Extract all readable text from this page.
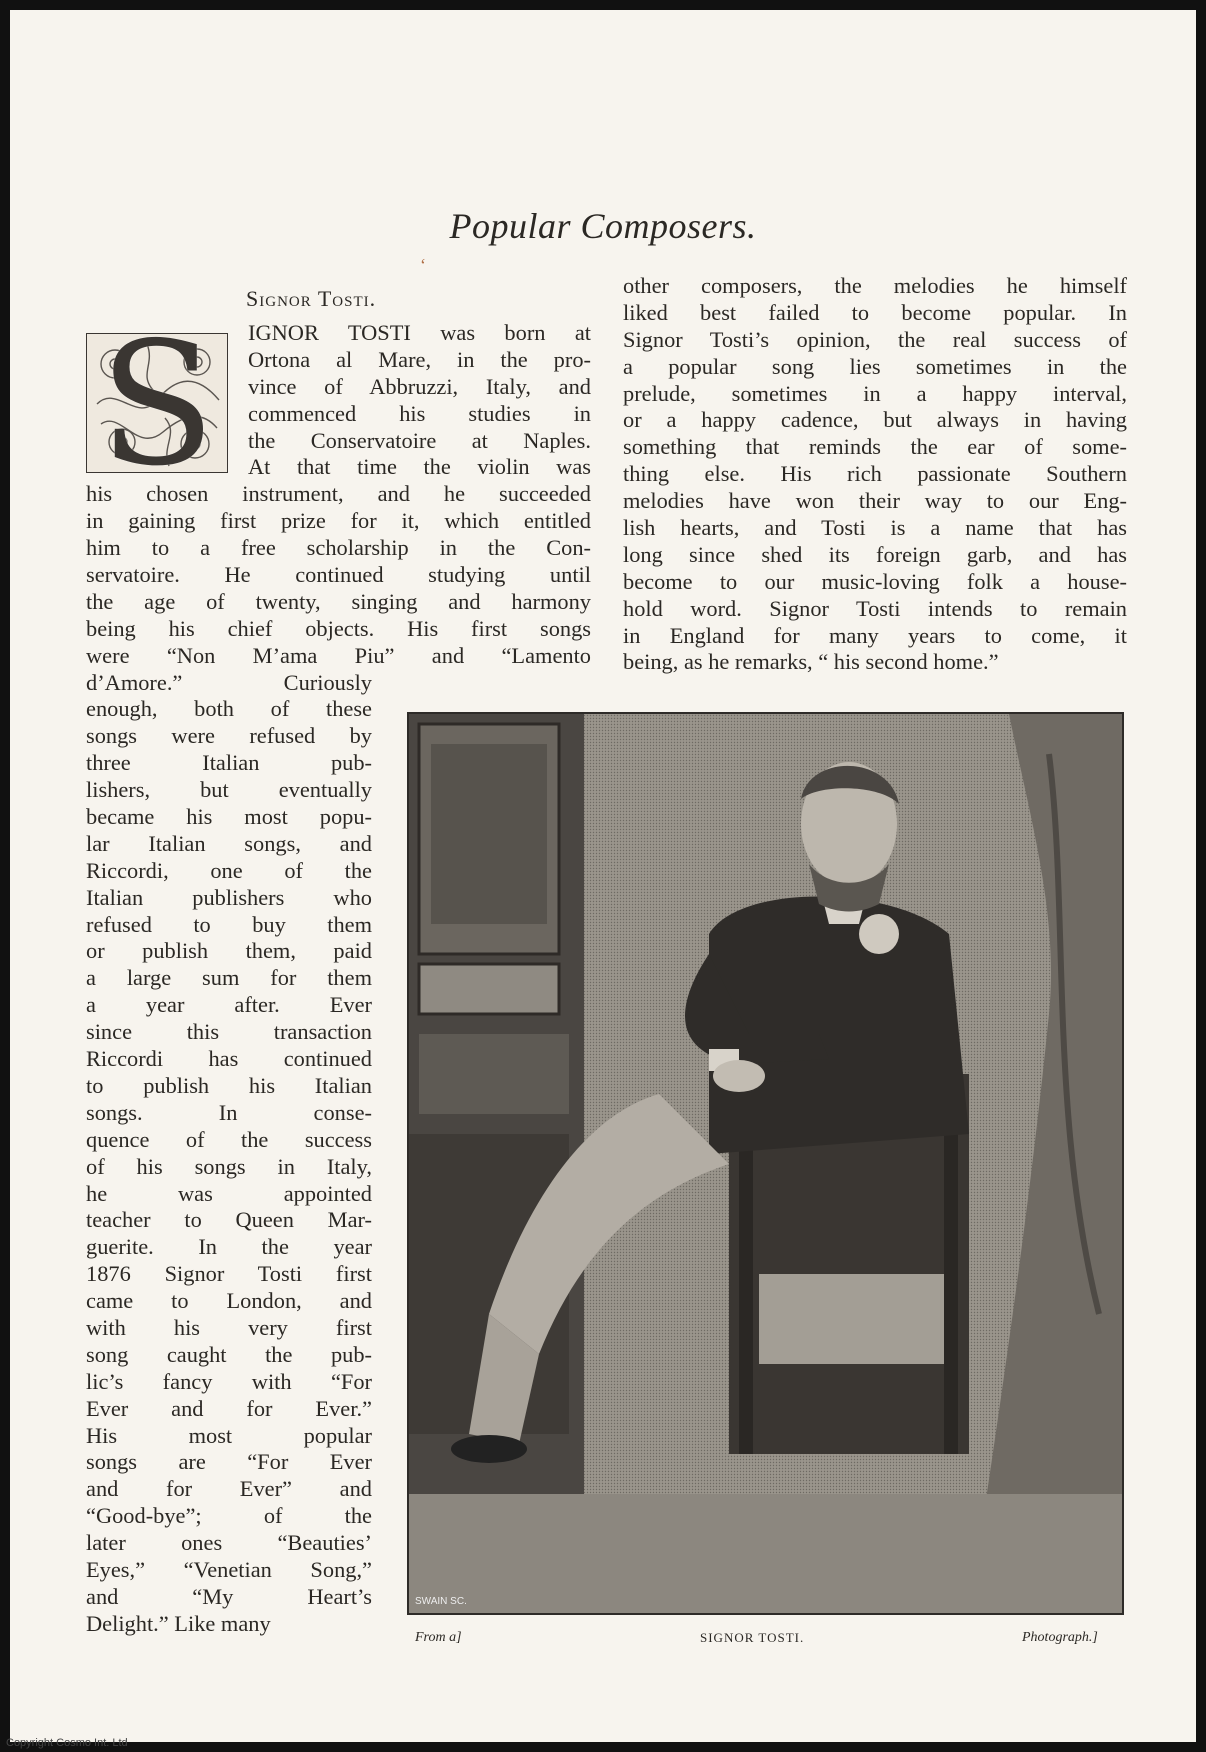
Popular Composers.
ʻ
Signor Tosti.
S IGNOR TOSTI was born at
Ortona al Mare, in the pro-
vince of Abbruzzi, Italy, and
commenced his studies in
the Conservatoire at Naples.
At that time the violin was
his chosen instrument, and he succeeded
in gaining first prize for it, which entitled
him to a free scholarship in the Con-
servatoire. He continued studying until
the age of twenty, singing and harmony
being his chief objects. His first songs
were “Non M’ama Piu” and “Lamento
d’Amore.” Curiously
enough, both of these
songs were refused by
three Italian pub-
lishers, but eventually
became his most popu-
lar Italian songs, and
Riccordi, one of the
Italian publishers who
refused to buy them
or publish them, paid
a large sum for them
a year after. Ever
since this transaction
Riccordi has continued
to publish his Italian
songs. In conse-
quence of the success
of his songs in Italy,
he was appointed
teacher to Queen Mar-
guerite. In the year
1876 Signor Tosti first
came to London, and
with his very first
song caught the pub-
lic’s fancy with “For
Ever and for Ever.”
His most popular
songs are “For Ever
and for Ever” and
“Good-bye”; of the
later ones “Beauties’
Eyes,” “Venetian Song,”
and “My Heart’s
Delight.” Like many
other composers, the melodies he himself
liked best failed to become popular. In
Signor Tosti’s opinion, the real success of
a popular song lies sometimes in the
prelude, sometimes in a happy interval,
or a happy cadence, but always in having
something that reminds the ear of some-
thing else. His rich passionate Southern
melodies have won their way to our Eng-
lish hearts, and Tosti is a name that has
long since shed its foreign garb, and has
become to our music-loving folk a house-
hold word. Signor Tosti intends to remain
in England for many years to come, it
being, as he remarks, “ his second home.”
SWAIN SC.
From a]	SIGNOR TOSTI.	Photograph.]
Copyright Cosmo Int. Ltd
